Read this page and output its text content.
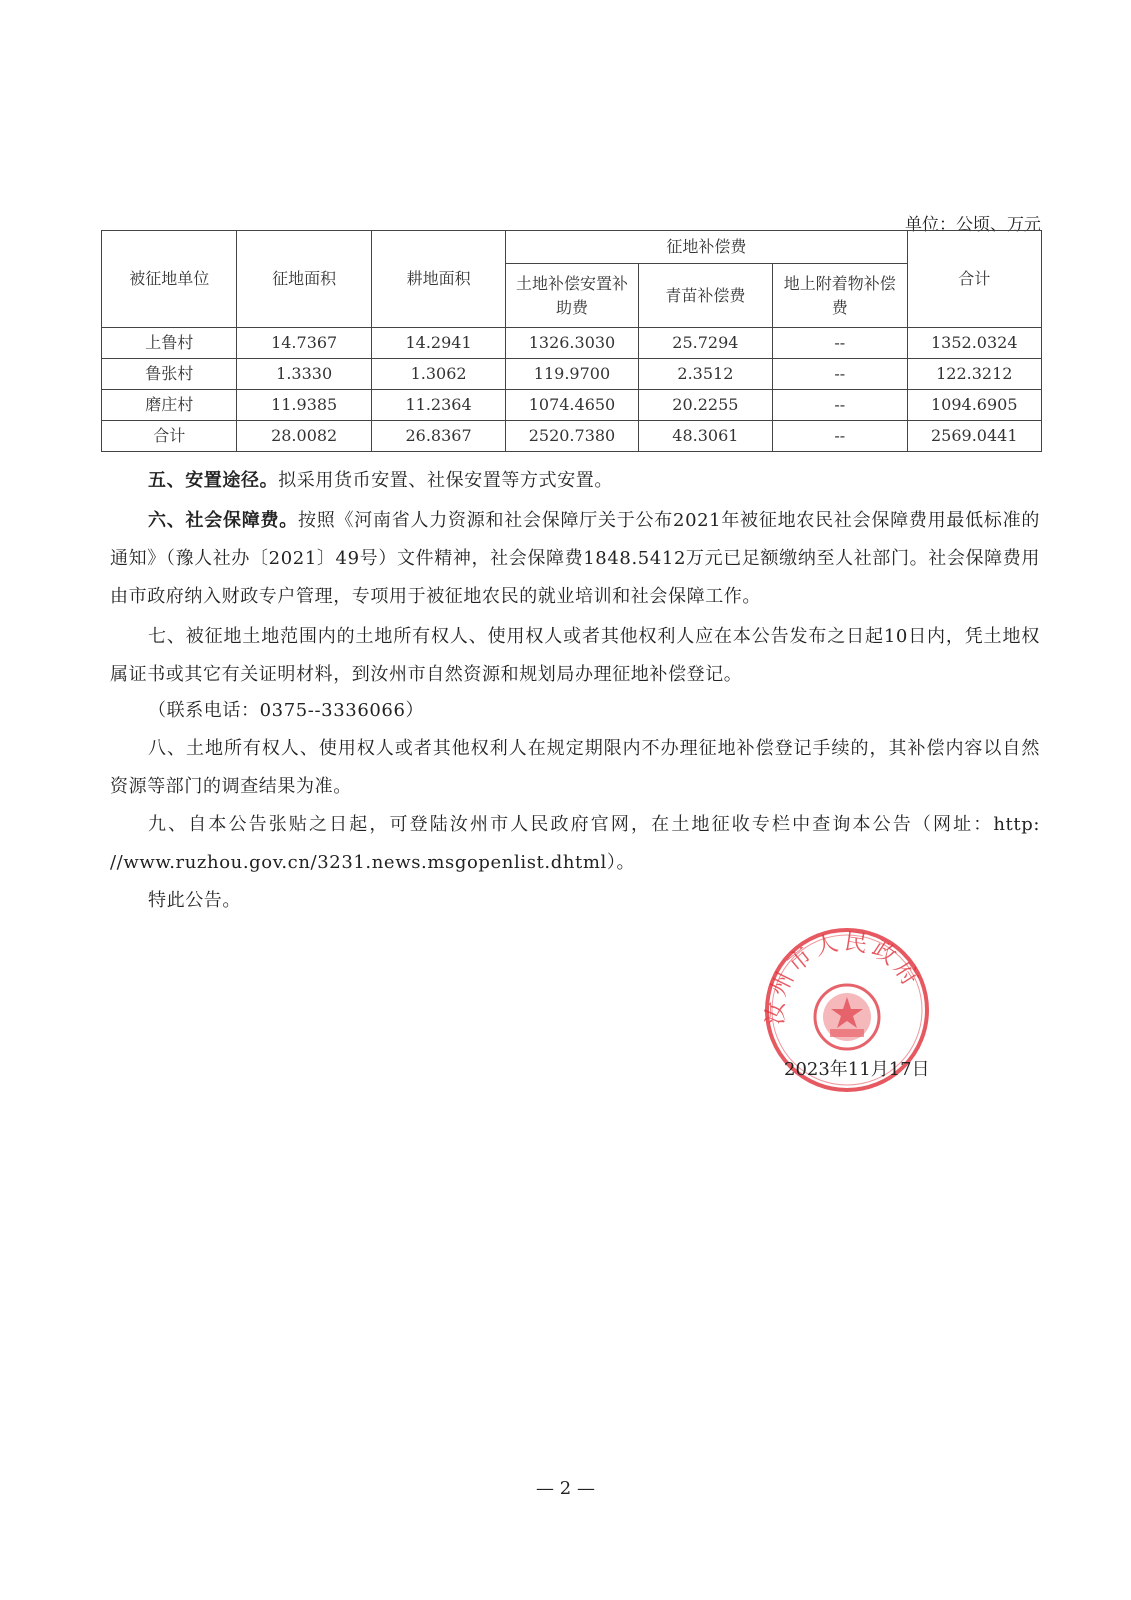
单位：公顷、万元
被征地单位	征地面积	耕地面积	征地补偿费			合计
			土地补偿安置补助费	青苗补偿费	地上附着物补偿费	
上鲁村	14.7367	14.2941	1326.3030	25.7294	--	1352.0324
鲁张村	1.3330	1.3062	119.9700	2.3512	--	122.3212
磨庄村	11.9385	11.2364	1074.4650	20.2255	--	1094.6905
合计	28.0082	26.8367	2520.7380	48.3061	--	2569.0441

五、安置途径。拟采用货币安置、社保安置等方式安置。

六、社会保障费。按照《河南省人力资源和社会保障厅关于公布2021年被征地农民社会保障费用最低标准的通知》（豫人社办〔2021〕49号）文件精神，社会保障费1848.5412万元已足额缴纳至人社部门。社会保障费用由市政府纳入财政专户管理，专项用于被征地农民的就业培训和社会保障工作。

七、被征地土地范围内的土地所有权人、使用权人或者其他权利人应在本公告发布之日起10日内，凭土地权属证书或其它有关证明材料，到汝州市自然资源和规划局办理征地补偿登记。

（联系电话：0375--3336066）

八、土地所有权人、使用权人或者其他权利人在规定期限内不办理征地补偿登记手续的，其补偿内容以自然资源等部门的调查结果为准。

九、自本公告张贴之日起，可登陆汝州市人民政府官网，在土地征收专栏中查询本公告（网址：http: //www.ruzhou.gov.cn/3231.news.msgopenlist.dhtml）。

特此公告。

汝州市人民政府
2023年11月17日
— 2 —
